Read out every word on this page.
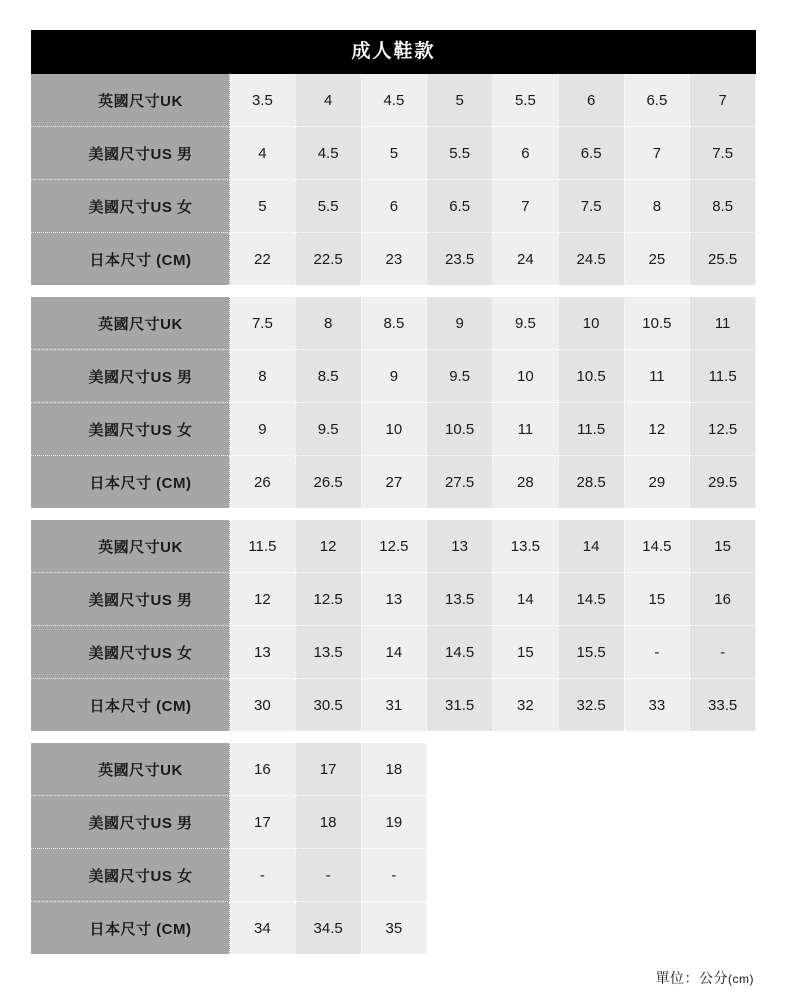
成人鞋款
英國尺寸UK	3.5	4	4.5	5	5.5	6	6.5	7
美國尺寸US 男	4	4.5	5	5.5	6	6.5	7	7.5
美國尺寸US 女	5	5.5	6	6.5	7	7.5	8	8.5
日本尺寸 (CM)	22	22.5	23	23.5	24	24.5	25	25.5
英國尺寸UK	7.5	8	8.5	9	9.5	10	10.5	11
美國尺寸US 男	8	8.5	9	9.5	10	10.5	11	11.5
美國尺寸US 女	9	9.5	10	10.5	11	11.5	12	12.5
日本尺寸 (CM)	26	26.5	27	27.5	28	28.5	29	29.5
英國尺寸UK	11.5	12	12.5	13	13.5	14	14.5	15
美國尺寸US 男	12	12.5	13	13.5	14	14.5	15	16
美國尺寸US 女	13	13.5	14	14.5	15	15.5	-	-
日本尺寸 (CM)	30	30.5	31	31.5	32	32.5	33	33.5
英國尺寸UK	16	17	18					
美國尺寸US 男	17	18	19					
美國尺寸US 女	-	-	-					
日本尺寸 (CM)	34	34.5	35					
單位：公分(cm)
